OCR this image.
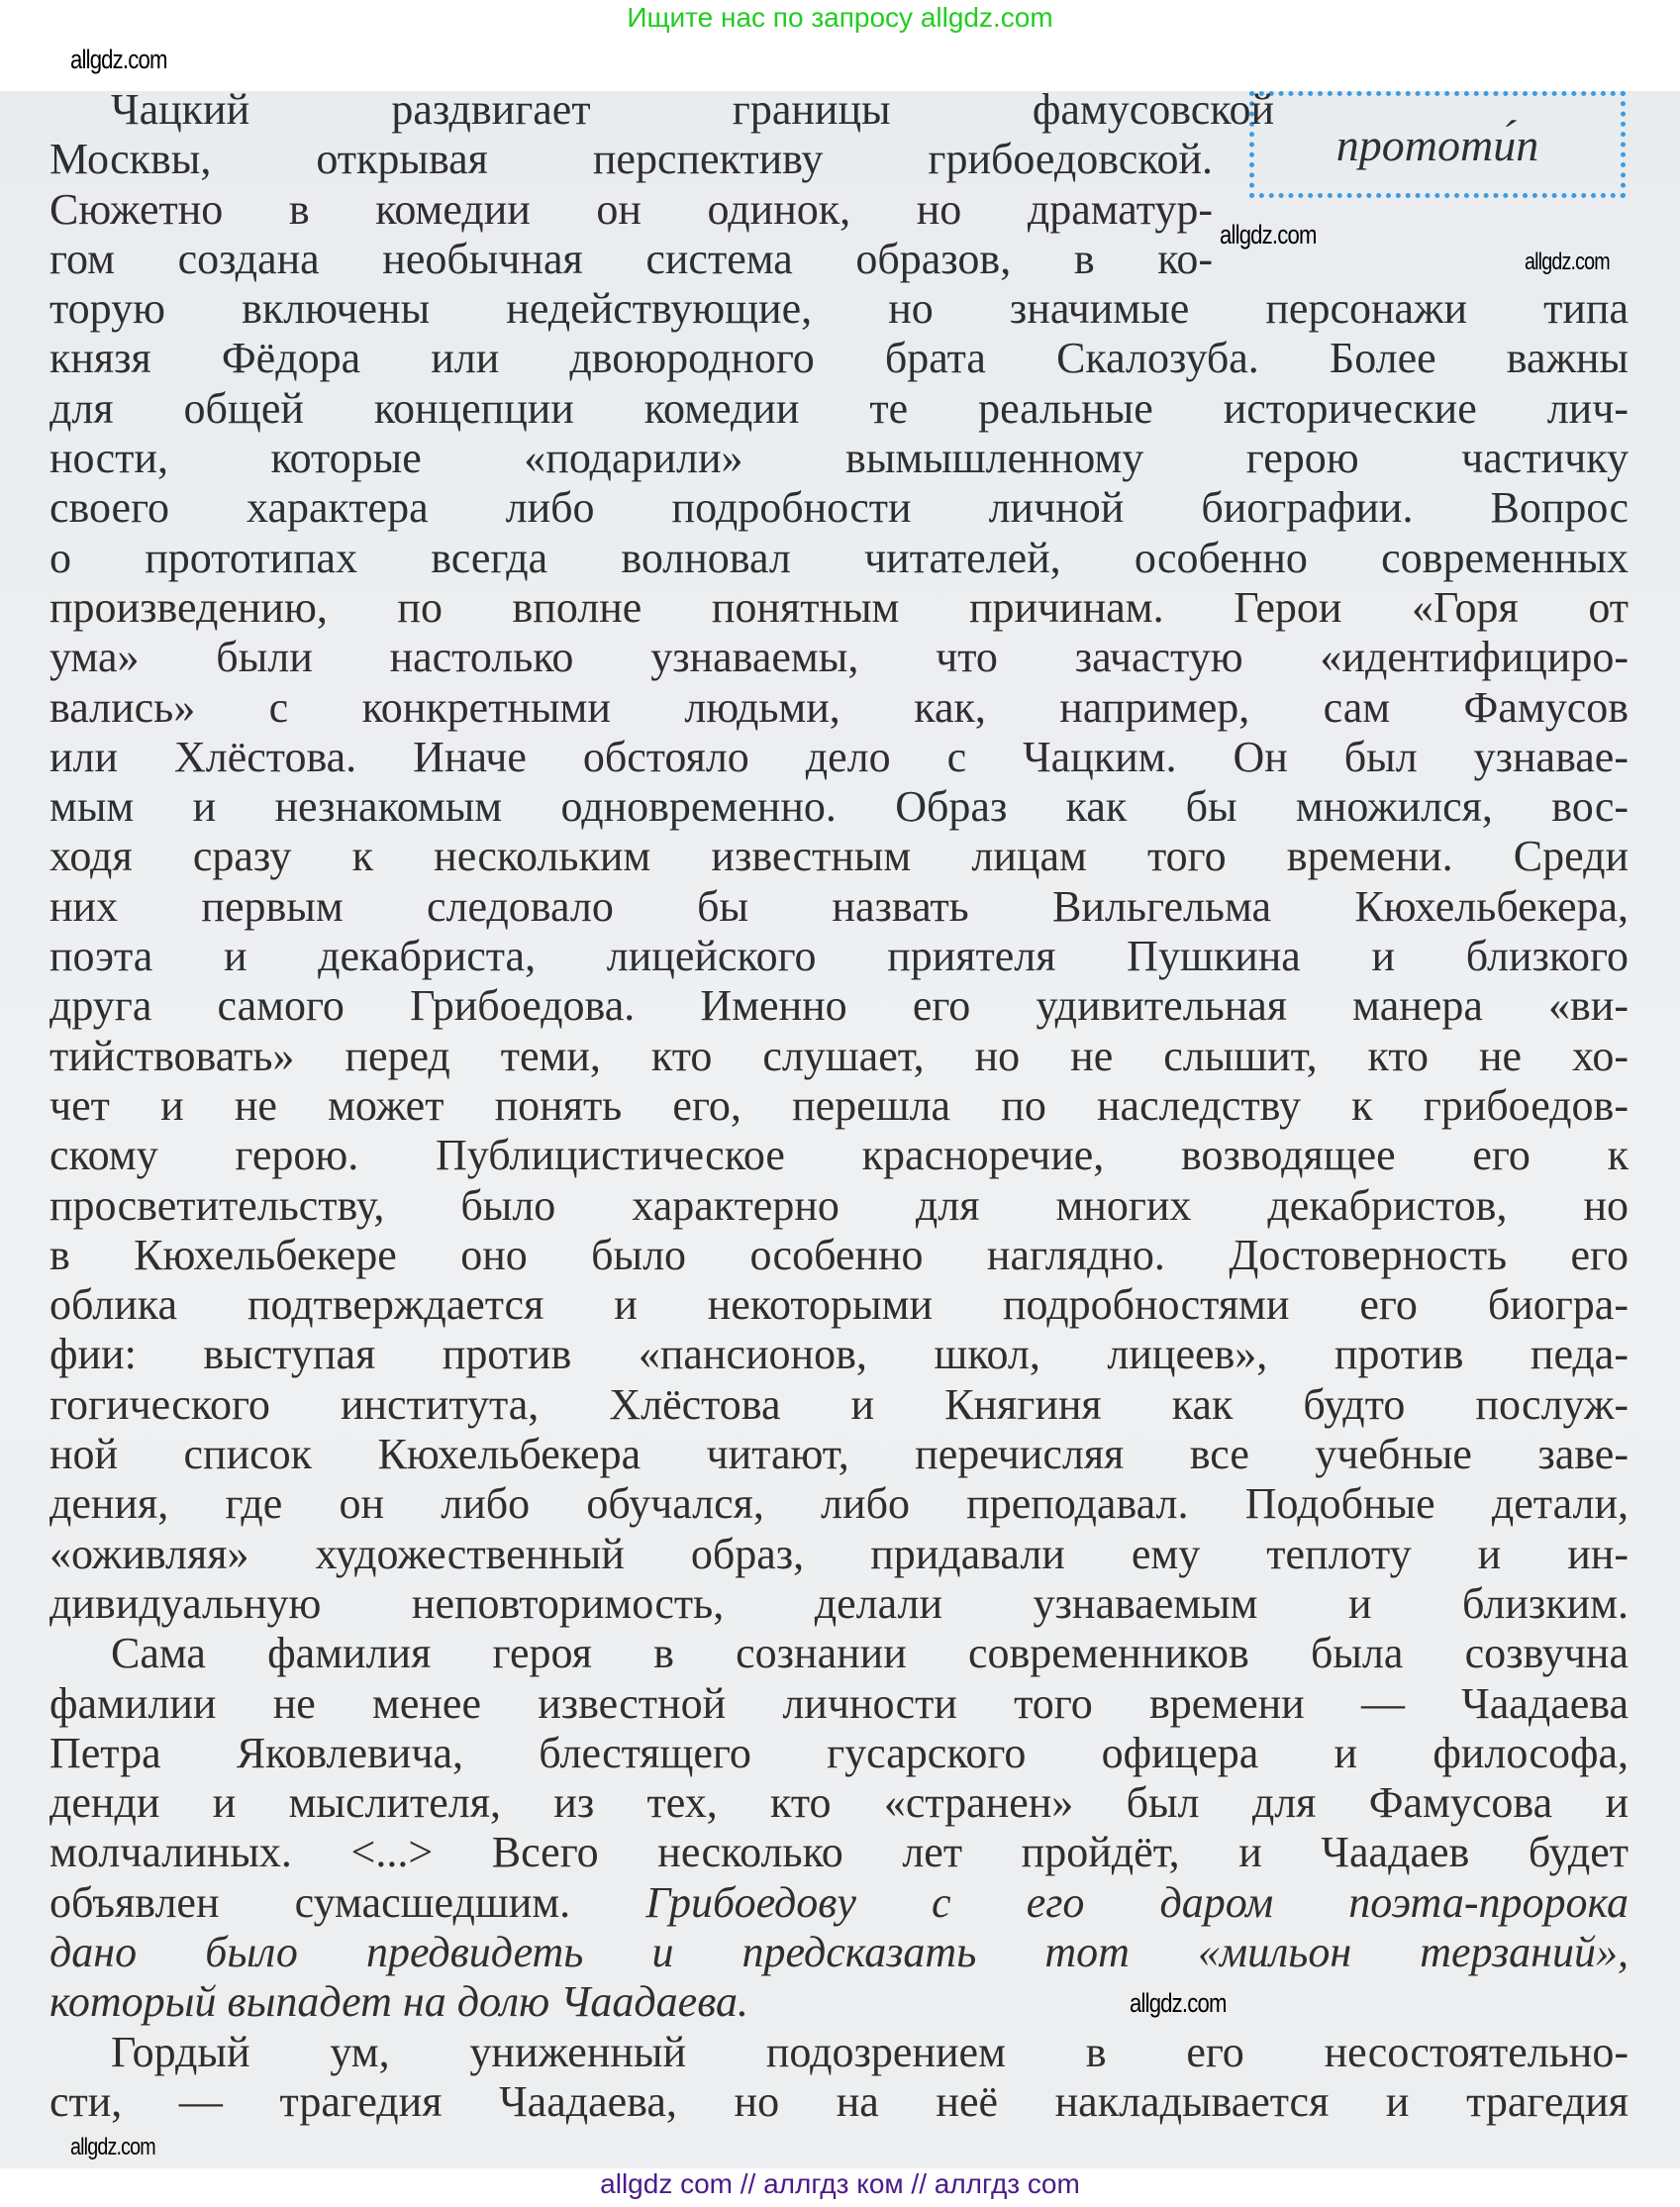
Ищите нас по запросу allgdz.com
прототи́п
Чацкий раздвигает границы фамусовской
Москвы, открывая перспективу грибоедовской.
Сюжетно в комедии он одинок, но драматур-
гом создана необычная система образов, в ко-
торую включены недействующие, но значимые персонажи типа
князя Фёдора или двоюродного брата Скалозуба. Более важны
для общей концепции комедии те реальные исторические лич-
ности, которые «подарили» вымышленному герою частичку
своего характера либо подробности личной биографии. Вопрос
о прототипах всегда волновал читателей, особенно современных
произведению, по вполне понятным причинам. Герои «Горя от
ума» были настолько узнаваемы, что зачастую «идентифициро-
вались» с конкретными людьми, как, например, сам Фамусов
или Хлёстова. Иначе обстояло дело с Чацким. Он был узнавае-
мым и незнакомым одновременно. Образ как бы множился, вос-
ходя сразу к нескольким известным лицам того времени. Среди
них первым следовало бы назвать Вильгельма Кюхельбекера,
поэта и декабриста, лицейского приятеля Пушкина и близкого
друга самого Грибоедова. Именно его удивительная манера «ви-
тийствовать» перед теми, кто слушает, но не слышит, кто не хо-
чет и не может понять его, перешла по наследству к грибоедов-
скому герою. Публицистическое красноречие, возводящее его к
просветительству, было характерно для многих декабристов, но
в Кюхельбекере оно было особенно наглядно. Достоверность его
облика подтверждается и некоторыми подробностями его биогра-
фии: выступая против «пансионов, школ, лицеев», против педа-
гогического института, Хлёстова и Княгиня как будто послуж-
ной список Кюхельбекера читают, перечисляя все учебные заве-
дения, где он либо обучался, либо преподавал. Подобные детали,
«оживляя» художественный образ, придавали ему теплоту и ин-
дивидуальную неповторимость, делали узнаваемым и близким.
Сама фамилия героя в сознании современников была созвучна
фамилии не менее известной личности того времени — Чаадаева
Петра Яковлевича, блестящего гусарского офицера и философа,
денди и мыслителя, из тех, кто «странен» был для Фамусова и
молчалиных. <...> Всего несколько лет пройдёт, и Чаадаев будет
объявлен сумасшедшим. Грибоедову с его даром поэта-пророка
дано было предвидеть и предсказать тот «мильон терзаний»,
который выпадет на долю Чаадаева.
Гордый ум, униженный подозрением в его несостоятельно-
сти, — трагедия Чаадаева, но на неё накладывается и трагедия
allgdz.com
allgdz.com
allgdz.com
allgdz.com
allgdz.com
allgdz com // аллгдз ком // аллгдз com
